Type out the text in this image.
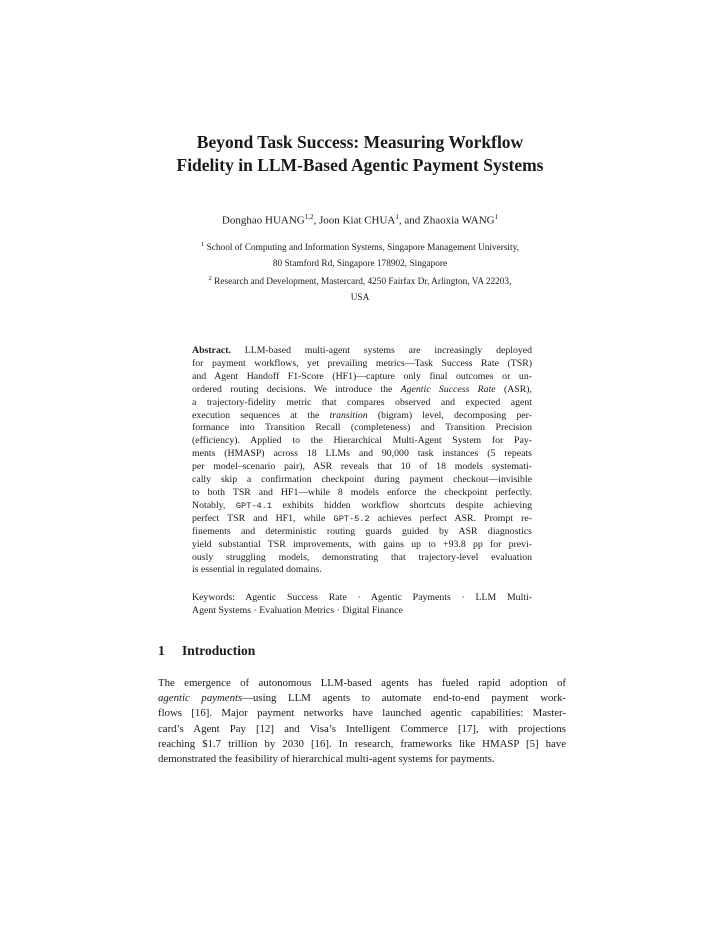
Beyond Task Success: Measuring Workflow
Fidelity in LLM-Based Agentic Payment Systems
Donghao HUANG$^{1,2}$, Joon Kiat CHUA$^1$, and Zhaoxia WANG$^1$
$^1$ School of Computing and Information Systems, Singapore Management University,
80 Stamford Rd, Singapore 178902, Singapore
$^2$ Research and Development, Mastercard, 4250 Fairfax Dr, Arlington, VA 22203,
USA
Abstract. LLM-based multi-agent systems are increasingly deployed
for payment workflows, yet prevailing metrics—Task Success Rate (TSR)
and Agent Handoff F1-Score (HF1)—capture only final outcomes or un-
ordered routing decisions. We introduce the Agentic Success Rate (ASR),
a trajectory-fidelity metric that compares observed and expected agent
execution sequences at the transition (bigram) level, decomposing per-
formance into Transition Recall (completeness) and Transition Precision
(efficiency). Applied to the Hierarchical Multi-Agent System for Pay-
ments (HMASP) across 18 LLMs and 90,000 task instances (5 repeats
per model–scenario pair), ASR reveals that 10 of 18 models systemati-
cally skip a confirmation checkpoint during payment checkout—invisible
to both TSR and HF1—while 8 models enforce the checkpoint perfectly.
Notably, GPT-4.1 exhibits hidden workflow shortcuts despite achieving
perfect TSR and HF1, while GPT-5.2 achieves perfect ASR. Prompt re-
finements and deterministic routing guards guided by ASR diagnostics
yield substantial TSR improvements, with gains up to +93.8 pp for previ-
ously struggling models, demonstrating that trajectory-level evaluation
is essential in regulated domains.
Keywords: Agentic Success Rate · Agentic Payments · LLM Multi-
Agent Systems · Evaluation Metrics · Digital Finance
1 Introduction
The emergence of autonomous LLM-based agents has fueled rapid adoption of
agentic payments—using LLM agents to automate end-to-end payment work-
flows [16]. Major payment networks have launched agentic capabilities: Master-
card’s Agent Pay [12] and Visa’s Intelligent Commerce [17], with projections
reaching $1.7 trillion by 2030 [16]. In research, frameworks like HMASP [5] have
demonstrated the feasibility of hierarchical multi-agent systems for payments.
